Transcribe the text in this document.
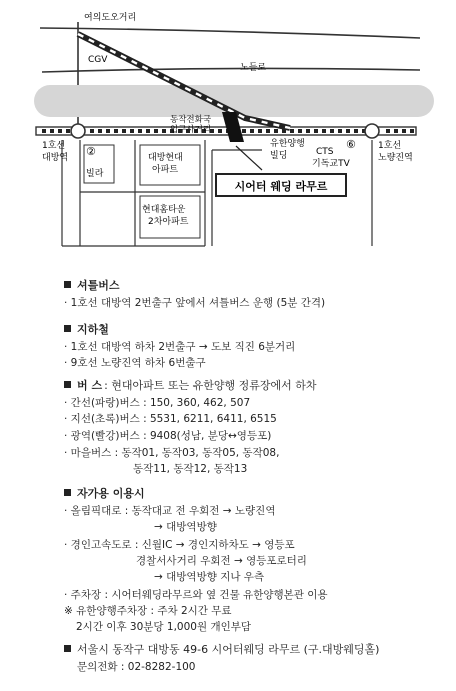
여의도오거리
CGV
노들로
동작전화국
입구사거리
유한양행
빌딩	CTS
기독교TV
⑥
1호선
대방역
1호선
노량진역
②
빌라
대방현대
아파트
현대홈타운
2차아파트
시어터 웨딩 라무르
셔틀버스
· 1호선 대방역 2번출구 앞에서 셔틀버스 운행 (5분 간격)
지하철
· 1호선 대방역 하차 2번출구 → 도보 직진 6분거리
· 9호선 노량진역 하차 6번출구
버 스 : 현대아파트 또는 유한양행 정류장에서 하차
· 간선(파랑)버스 : 150, 360, 462, 507
· 지선(초록)버스 : 5531, 6211, 6411, 6515
· 광역(빨강)버스 : 9408(성남, 분당↔영등포)
· 마을버스 : 동작01, 동작03, 동작05, 동작08,
동작11, 동작12, 동작13
자가용 이용시
· 올림픽대로 : 동작대교 전 우회전 → 노량진역
→ 대방역방향
· 경인고속도로 : 신월IC → 경인지하차도 → 영등포
경찰서사거리 우회전 → 영등포로터리
→ 대방역방향 지나 우측
· 주차장 : 시어터웨딩라무르와 옆 건물 유한양행본관 이용
※ 유한양행주차장 : 주차 2시간 무료
2시간 이후 30분당 1,000원 개인부담
서울시 동작구 대방동 49-6 시어터웨딩 라무르 (구.대방웨딩홀)
문의전화 : 02-8282-100
